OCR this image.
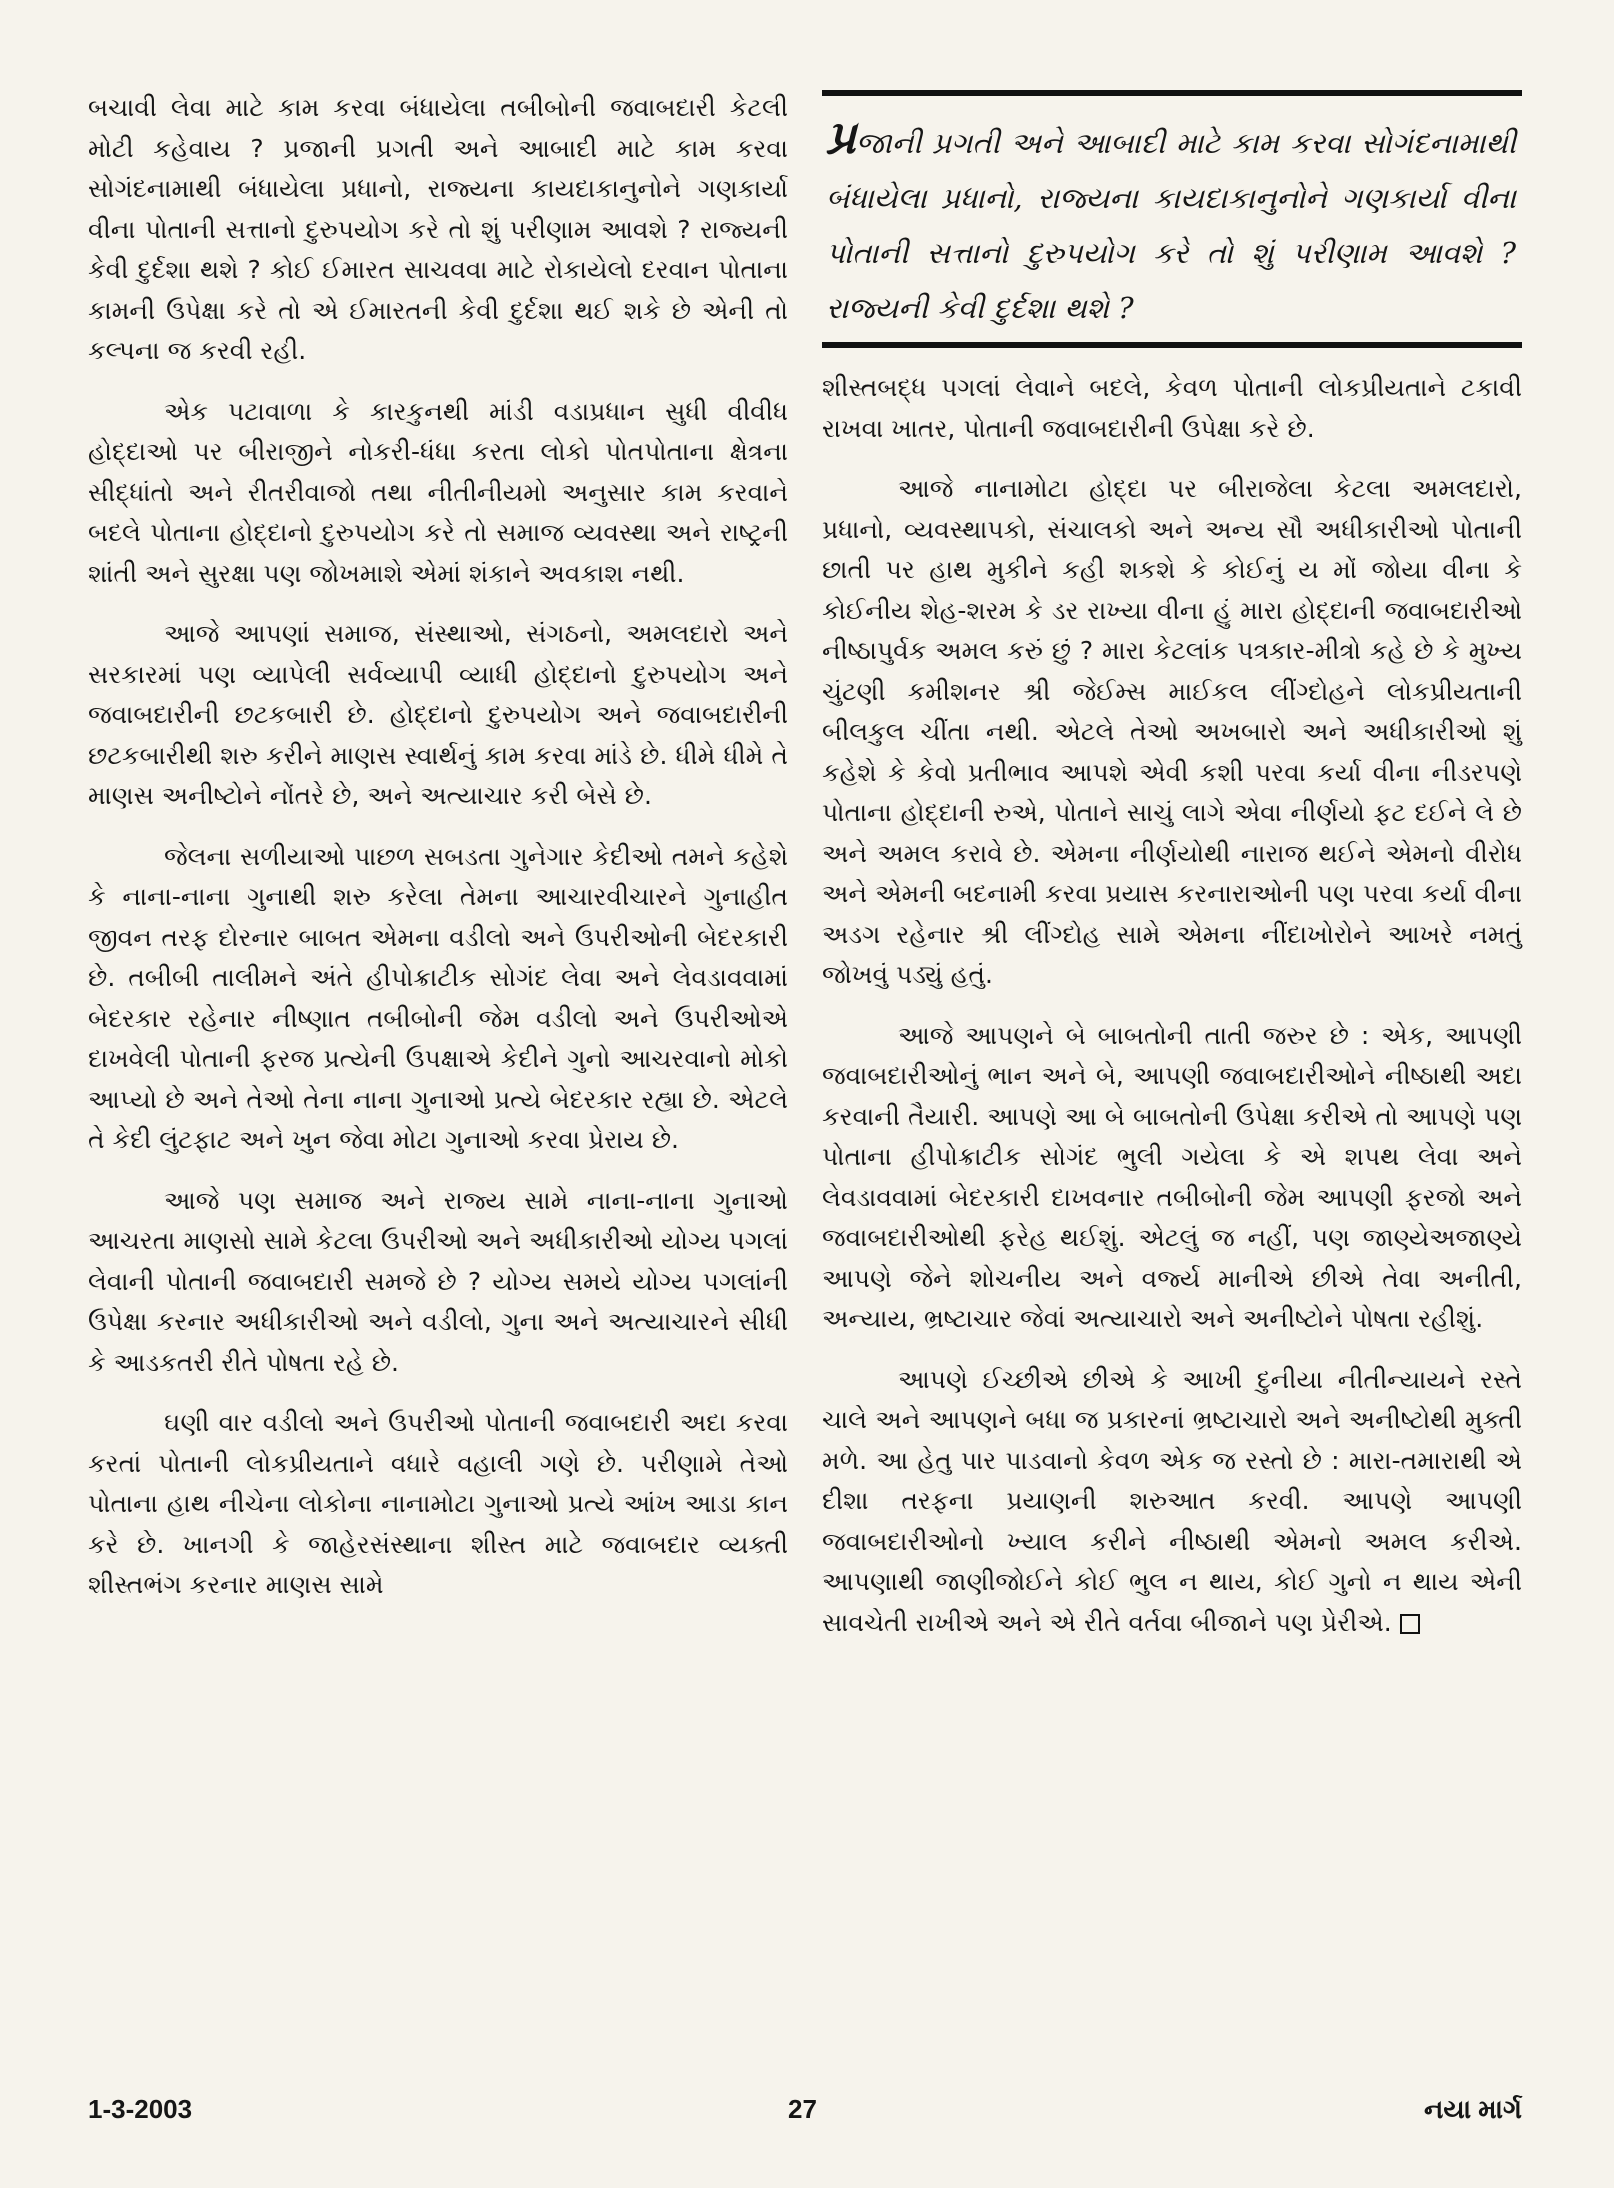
બચાવી લેવા માટે કામ કરવા બંધાયેલા તબીબોની જવાબદારી કેટલી મોટી કહેવાય ? પ્રજાની પ્રગતી અને આબાદી માટે કામ કરવા સોગંદનામાથી બંધાયેલા પ્રધાનો, રાજ્યના કાયદાકાનુનોને ગણકાર્યા વીના પોતાની સત્તાનો દુરુપયોગ કરે તો શું પરીણામ આવશે ? રાજ્યની કેવી દુર્દશા થશે ? કોઈ ઈમારત સાચવવા માટે રોકાયેલો દરવાન પોતાના કામની ઉપેક્ષા કરે તો એ ઈમારતની કેવી દુર્દશા થઈ શકે છે એની તો કલ્પના જ કરવી રહી.

એક પટાવાળા કે કારકુનથી માંડી વડાપ્રધાન સુધી વીવીધ હોદ્દાઓ પર બીરાજીને નોકરી-ધંધા કરતા લોકો પોતપોતાના ક્ષેત્રના સીદ્ધાંતો અને રીતરીવાજો તથા નીતીનીયમો અનુસાર કામ કરવાને બદલે પોતાના હોદ્દાનો દુરુપયોગ કરે તો સમાજ વ્યવસ્થા અને રાષ્ટ્રની શાંતી અને સુરક્ષા પણ જોખમાશે એમાં શંકાને અવકાશ નથી.

આજે આપણાં સમાજ, સંસ્થાઓ, સંગઠનો, અમલદારો અને સરકારમાં પણ વ્યાપેલી સર્વવ્યાપી વ્યાધી હોદ્દાનો દુરુપયોગ અને જવાબદારીની છટકબારી છે. હોદ્દાનો દુરુપયોગ અને જવાબદારીની છટકબારીથી શરુ કરીને માણસ સ્વાર્થનું કામ કરવા માંડે છે. ધીમે ધીમે તે માણસ અનીષ્ટોને નોંતરે છે, અને અત્યાચાર કરી બેસે છે.

જેલના સળીયાઓ પાછળ સબડતા ગુનેગાર કેદીઓ તમને કહેશે કે નાના-નાના ગુનાથી શરુ કરેલા તેમના આચારવીચારને ગુનાહીત જીવન તરફ દોરનાર બાબત એમના વડીલો અને ઉપરીઓની બેદરકારી છે. તબીબી તાલીમને અંતે હીપોક્રાટીક સોગંદ લેવા અને લેવડાવવામાં બેદરકાર રહેનાર નીષ્ણાત તબીબોની જેમ વડીલો અને ઉપરીઓએ દાખવેલી પોતાની ફરજ પ્રત્યેની ઉપક્ષાએ કેદીને ગુનો આચરવાનો મોકો આપ્યો છે અને તેઓ તેના નાના ગુનાઓ પ્રત્યે બેદરકાર રહ્યા છે. એટલે તે કેદી લુંટફાટ અને ખુન જેવા મોટા ગુનાઓ કરવા પ્રેરાય છે.

આજે પણ સમાજ અને રાજ્ય સામે નાના-નાના ગુનાઓ આચરતા માણસો સામે કેટલા ઉપરીઓ અને અધીકારીઓ યોગ્ય પગલાં લેવાની પોતાની જવાબદારી સમજે છે ? યોગ્ય સમયે યોગ્ય પગલાંની ઉપેક્ષા કરનાર અધીકારીઓ અને વડીલો, ગુના અને અત્યાચારને સીધી કે આડકતરી રીતે પોષતા રહે છે.

ઘણી વાર વડીલો અને ઉપરીઓ પોતાની જવાબદારી અદા કરવા કરતાં પોતાની લોકપ્રીયતાને વધારે વહાલી ગણે છે. પરીણામે તેઓ પોતાના હાથ નીચેના લોકોના નાનામોટા ગુનાઓ પ્રત્યે આંખ આડા કાન કરે છે. ખાનગી કે જાહેરસંસ્થાના શીસ્ત માટે જવાબદાર વ્યક્તી શીસ્તભંગ કરનાર માણસ સામે

પ્રજાની પ્રગતી અને આબાદી માટે કામ કરવા સોગંદનામાથી બંધાયેલા પ્રધાનો, રાજ્યના કાયદાકાનુનોને ગણકાર્યા વીના પોતાની સત્તાનો દુરુપયોગ કરે તો શું પરીણામ આવશે ? રાજ્યની કેવી દુર્દશા થશે ?

શીસ્તબદ્ધ પગલાં લેવાને બદલે, કેવળ પોતાની લોકપ્રીયતાને ટકાવી રાખવા ખાતર, પોતાની જવાબદારીની ઉપેક્ષા કરે છે.

આજે નાનામોટા હોદ્દા પર બીરાજેલા કેટલા અમલદારો, પ્રધાનો, વ્યવસ્થાપકો, સંચાલકો અને અન્ય સૌ અધીકારીઓ પોતાની છાતી પર હાથ મુકીને કહી શકશે કે કોઈનું ય મોં જોયા વીના કે કોઈનીય શેહ-શરમ કે ડર રાખ્યા વીના હું મારા હોદ્દાની જવાબદારીઓ નીષ્ઠાપુર્વક અમલ કરું છું ? મારા કેટલાંક પત્રકાર-મીત્રો કહે છે કે મુખ્ય ચુંટણી કમીશનર શ્રી જેઈમ્સ માઈકલ લીંગ્દોહને લોકપ્રીયતાની બીલકુલ ચીંતા નથી. એટલે તેઓ અખબારો અને અધીકારીઓ શું કહેશે કે કેવો પ્રતીભાવ આપશે એવી કશી પરવા કર્યા વીના નીડરપણે પોતાના હોદ્દાની રુએ, પોતાને સાચું લાગે એવા નીર્ણયો ફટ દઈને લે છે અને અમલ કરાવે છે. એમના નીર્ણયોથી નારાજ થઈને એમનો વીરોધ અને એમની બદનામી કરવા પ્રયાસ કરનારાઓની પણ પરવા કર્યા વીના અડગ રહેનાર શ્રી લીંગ્દોહ સામે એમના નીંદાખોરોને આખરે નમતું જોખવું પડ્યું હતું.

આજે આપણને બે બાબતોની તાતી જરુર છે : એક, આપણી જવાબદારીઓનું ભાન અને બે, આપણી જવાબદારીઓને નીષ્ઠાથી અદા કરવાની તૈયારી. આપણે આ બે બાબતોની ઉપેક્ષા કરીએ તો આપણે પણ પોતાના હીપોક્રાટીક સોગંદ ભુલી ગયેલા કે એ શપથ લેવા અને લેવડાવવામાં બેદરકારી દાખવનાર તબીબોની જેમ આપણી ફરજો અને જવાબદારીઓથી ફરેહ થઈશું. એટલું જ નહીં, પણ જાણ્યેઅજાણ્યે આપણે જેને શોચનીય અને વર્જ્ય માનીએ છીએ તેવા અનીતી, અન્યાય, ભ્રષ્ટાચાર જેવાં અત્યાચારો અને અનીષ્ટોને પોષતા રહીશું.

આપણે ઈચ્છીએ છીએ કે આખી દુનીયા નીતીન્યાયને રસ્તે ચાલે અને આપણને બધા જ પ્રકારનાં ભ્રષ્ટાચારો અને અનીષ્ટોથી મુક્તી મળે. આ હેતુ પાર પાડવાનો કેવળ એક જ રસ્તો છે : મારા-તમારાથી એ દીશા તરફના પ્રયાણની શરુઆત કરવી. આપણે આપણી જવાબદારીઓનો ખ્યાલ કરીને નીષ્ઠાથી એમનો અમલ કરીએ. આપણાથી જાણીજોઈને કોઈ ભુલ ન થાય, કોઈ ગુનો ન થાય એની સાવચેતી રાખીએ અને એ રીતે વર્તવા બીજાને પણ પ્રેરીએ.

1-3-2003	27	નયા માર્ગ
